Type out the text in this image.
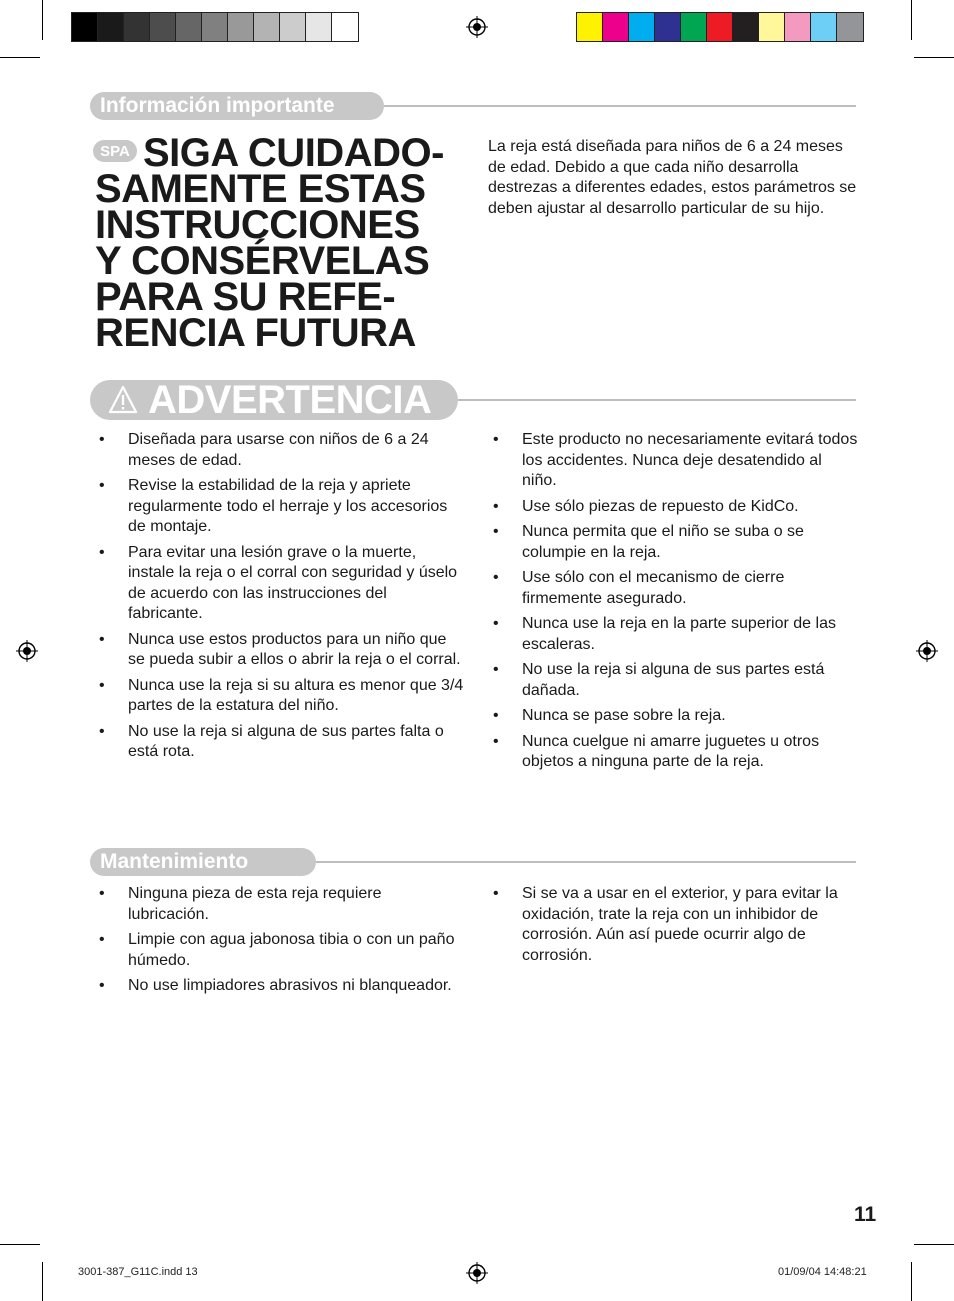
Información importante
SPA SIGA CUIDADO-
SAMENTE ESTAS
INSTRUCCIONES
Y CONSÉRVELAS
PARA SU REFE-
RENCIA FUTURA

La reja está diseñada para niños de 6 a 24 meses de edad. Debido a que cada niño desarrolla destrezas a diferentes edades, estos parámetros se deben ajustar al desarrollo particular de su hijo.

ADVERTENCIA
• Diseñada para usarse con niños de 6 a 24 meses de edad.
• Revise la estabilidad de la reja y apriete regularmente todo el herraje y los accesorios de montaje.
• Para evitar una lesión grave o la muerte, instale la reja o el corral con seguridad y úselo de acuerdo con las instrucciones del fabricante.
• Nunca use estos productos para un niño que se pueda subir a ellos o abrir la reja o el corral.
• Nunca use la reja si su altura es menor que 3/4 partes de la estatura del niño.
• No use la reja si alguna de sus partes falta o está rota.
• Este producto no necesariamente evitará todos los accidentes. Nunca deje desatendido al niño.
• Use sólo piezas de repuesto de KidCo.
• Nunca permita que el niño se suba o se columpie en la reja.
• Use sólo con el mecanismo de cierre firmemente asegurado.
• Nunca use la reja en la parte superior de las escaleras.
• No use la reja si alguna de sus partes está dañada.
• Nunca se pase sobre la reja.
• Nunca cuelgue ni amarre juguetes u otros objetos a ninguna parte de la reja.
Mantenimiento
• Ninguna pieza de esta reja requiere lubricación.
• Limpie con agua jabonosa tibia o con un paño húmedo.
• No use limpiadores abrasivos ni blanqueador.
• Si se va a usar en el exterior, y para evitar la oxidación, trate la reja con un inhibidor de corrosión. Aún así puede ocurrir algo de corrosión.
11
3001-387_G11C.indd 13	01/09/04 14:48:21
